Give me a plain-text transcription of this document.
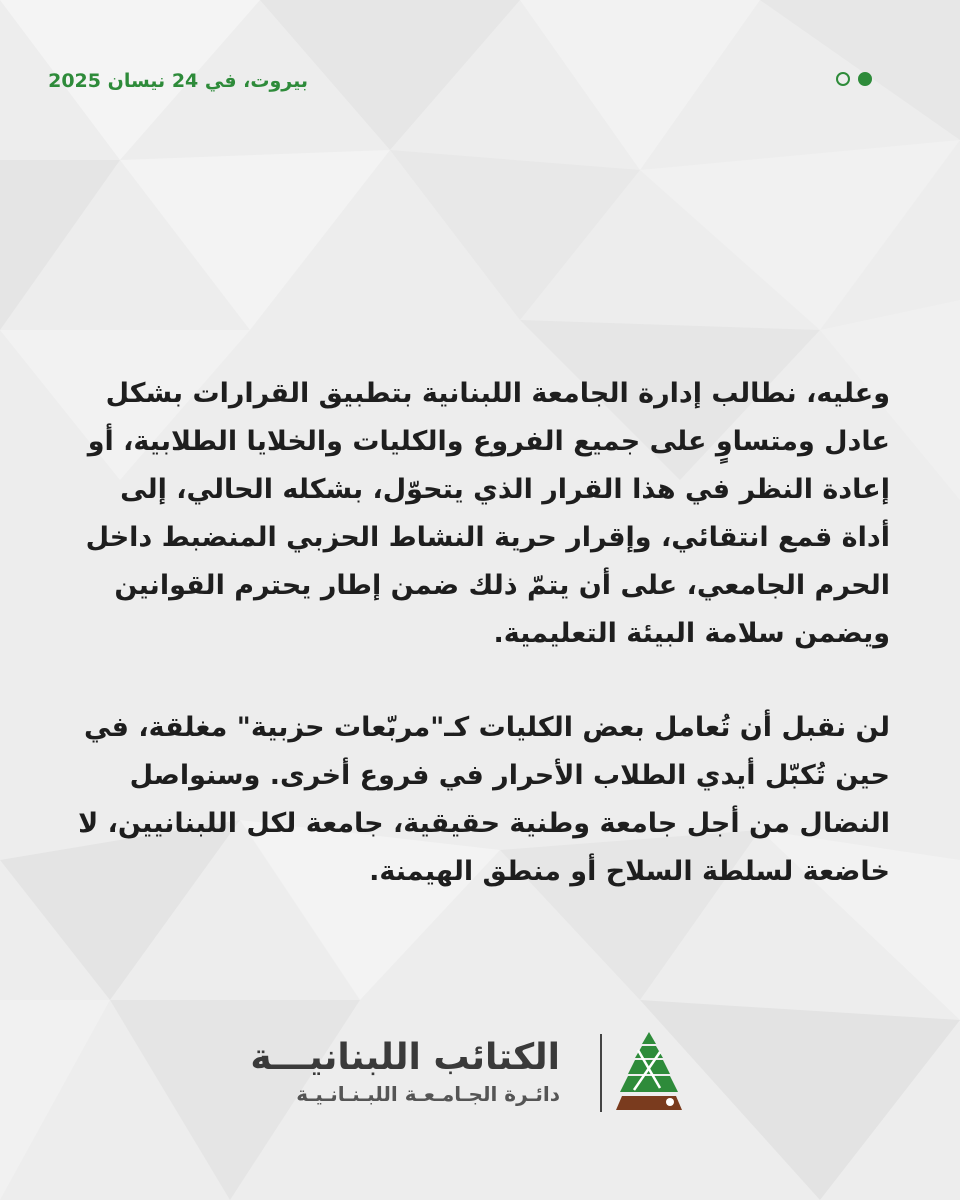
بيروت، في 24 نيسان 2025

وعليه، نطالب إدارة الجامعة اللبنانية بتطبيق القرارات بشكل عادل ومتساوٍ على جميع الفروع والكليات والخلايا الطلابية، أو إعادة النظر في هذا القرار الذي يتحوّل، بشكله الحالي، إلى أداة قمع انتقائي، وإقرار حرية النشاط الحزبي المنضبط داخل الحرم الجامعي، على أن يتمّ ذلك ضمن إطار يحترم القوانين ويضمن سلامة البيئة التعليمية.

لن نقبل أن تُعامل بعض الكليات كـ"مربّعات حزبية" مغلقة، في حين تُكبّل أيدي الطلاب الأحرار في فروع أخرى. وسنواصل النضال من أجل جامعة وطنية حقيقية، جامعة لكل اللبنانيين، لا خاضعة لسلطة السلاح أو منطق الهيمنة.

الكتائب اللبنانيـــة
دائـرة الجـامـعـة اللبـنـانـيـة
